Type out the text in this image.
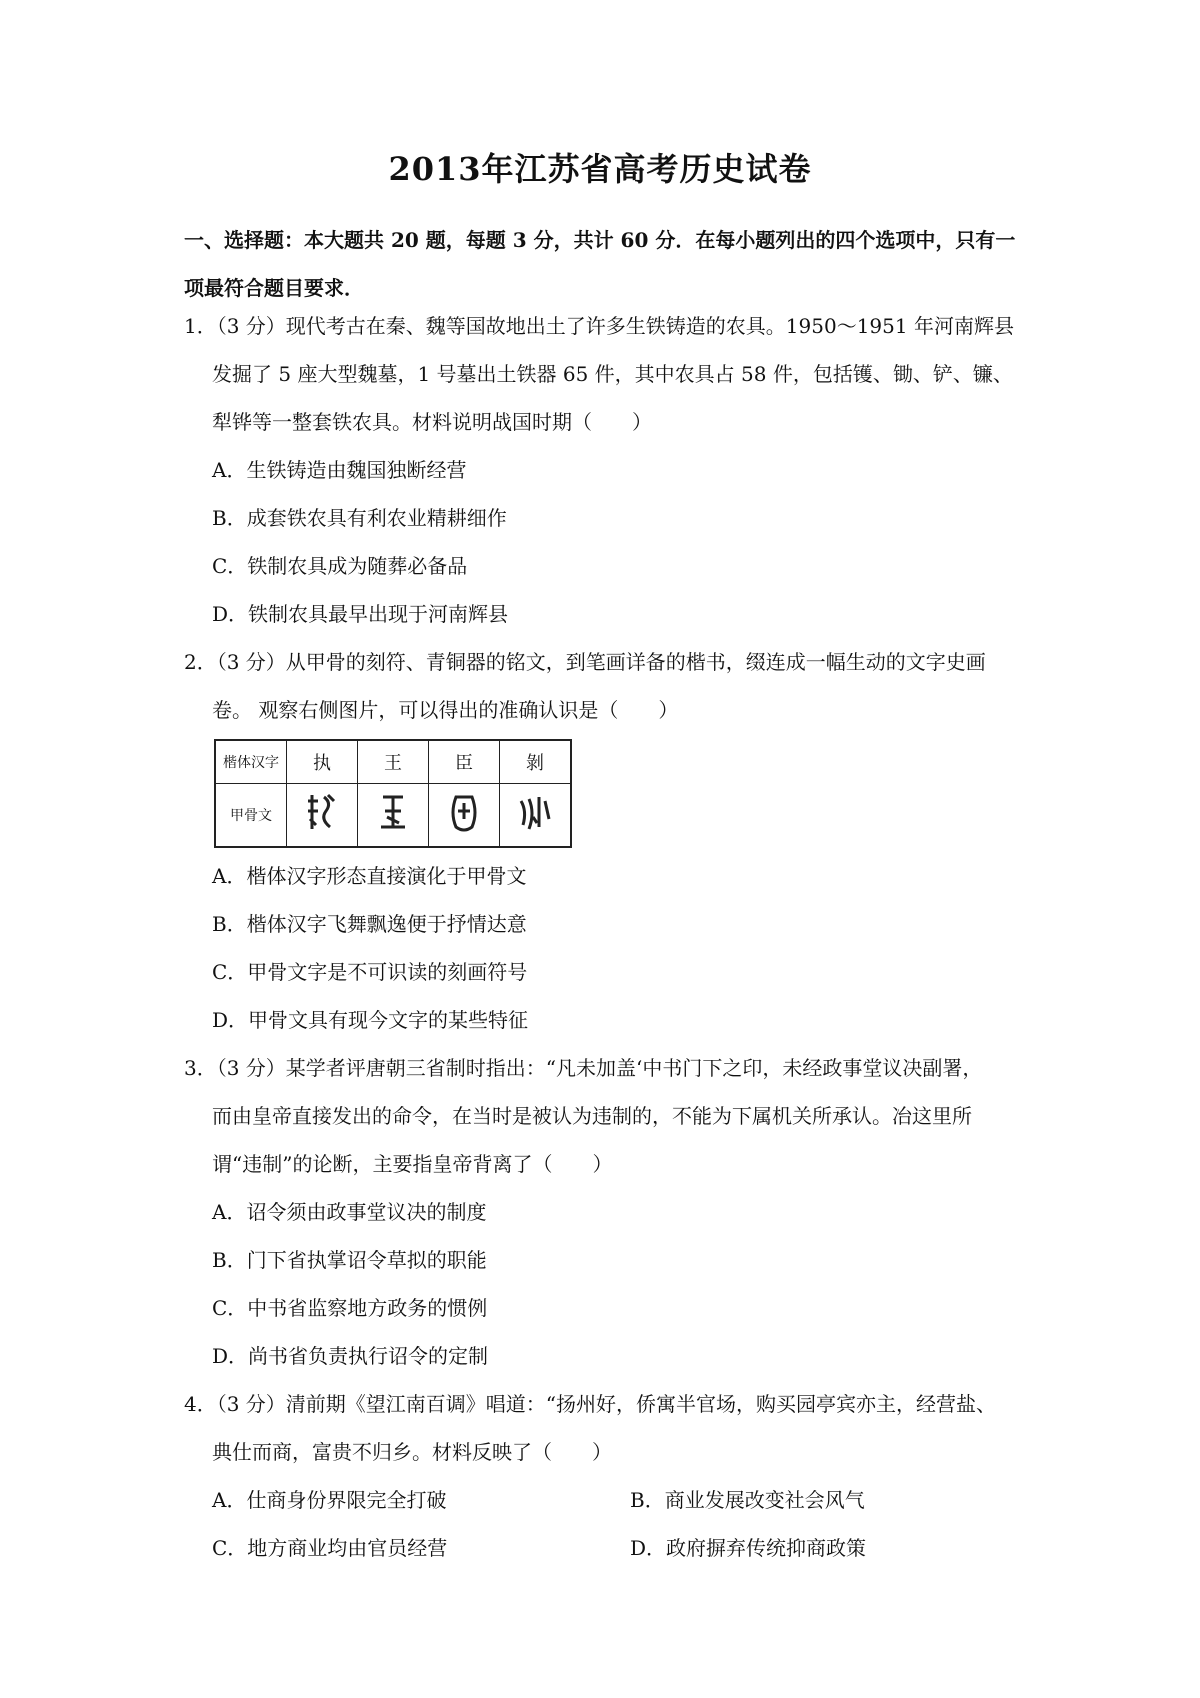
2013年江苏省高考历史试卷
一、选择题：本大题共 20 题，每题 3 分，共计 60 分．在每小题列出的四个选项中，只有一项最符合题目要求．
1．（3 分）现代考古在秦、魏等国故地出土了许多生铁铸造的农具。1950～1951 年河南辉县
发掘了 5 座大型魏墓，1 号墓出土铁器 65 件，其中农具占 58 件，包括镬、锄、铲、镰、
犁铧等一整套铁农具。材料说明战国时期（　　）
A．生铁铸造由魏国独断经营
B．成套铁农具有利农业精耕细作
C．铁制农具成为随葬必备品
D．铁制农具最早出现于河南辉县
2．（3 分）从甲骨的刻符、青铜器的铭文，到笔画详备的楷书，缀连成一幅生动的文字史画
卷。 观察右侧图片，可以得出的准确认识是（　　）
楷体汉字	执	王	臣	剝
甲骨文				
A．楷体汉字形态直接演化于甲骨文
B．楷体汉字飞舞飘逸便于抒情达意
C．甲骨文字是不可识读的刻画符号
D．甲骨文具有现今文字的某些特征
3．（3 分）某学者评唐朝三省制时指出：“凡未加盖‘中书门下之印，未经政事堂议决副署，
而由皇帝直接发出的命令，在当时是被认为违制的，不能为下属机关所承认。冶这里所
谓“违制”的论断，主要指皇帝背离了（　　）
A．诏令须由政事堂议决的制度
B．门下省执掌诏令草拟的职能
C．中书省监察地方政务的惯例
D．尚书省负责执行诏令的定制
4．（3 分）清前期《望江南百调》唱道：“扬州好，侨寓半官场，购买园亭宾亦主，经营盐、
典仕而商，富贵不归乡。材料反映了（　　）
A．仕商身份界限完全打破	B．商业发展改变社会风气
C．地方商业均由官员经营	D．政府摒弃传统抑商政策
